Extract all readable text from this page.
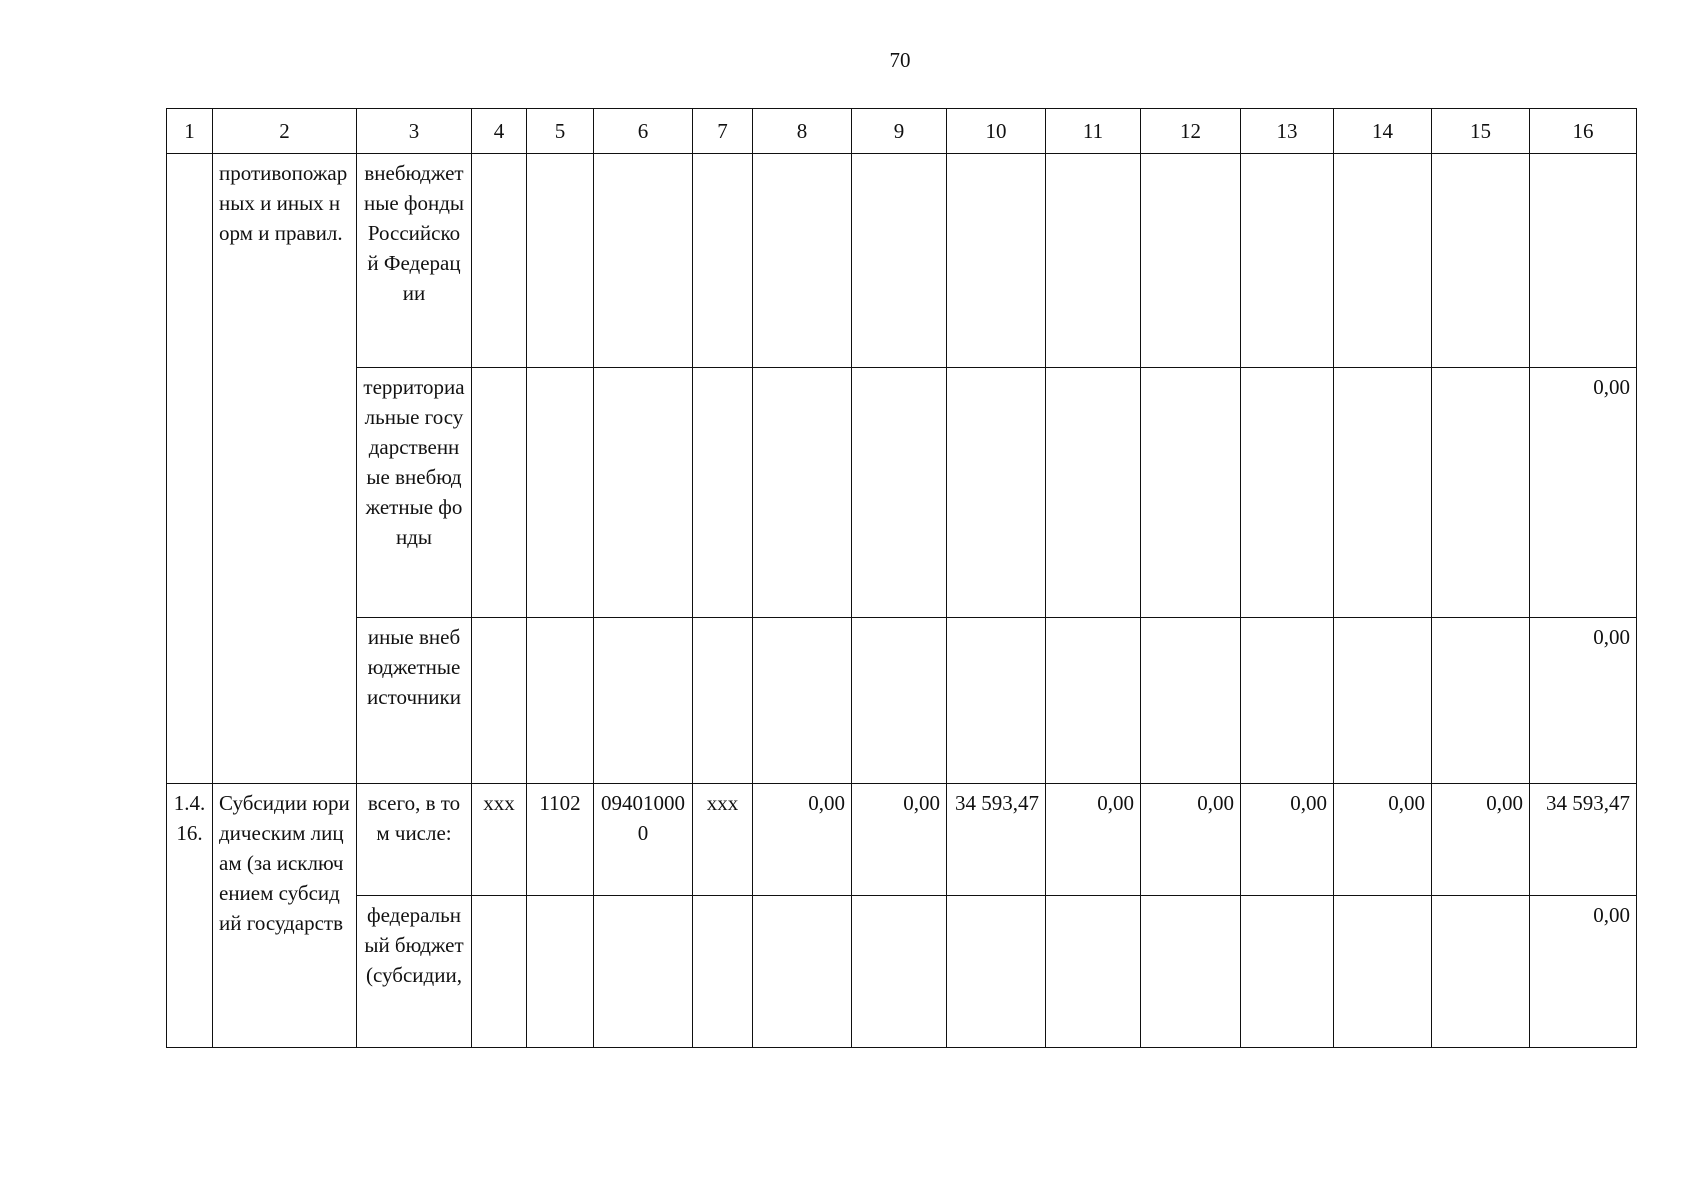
70
1	2	3	4	5	6	7	8	9	10	11	12	13	14	15	16
	противопожарных и иных норм и правил.	внебюджетные фонды Российской Федерации													
		территориальные государственные внебюджетные фонды													0,00
		иные внебюджетные источники													0,00
1.4.16.	Субсидии юридическим лицам (за исключением субсидий государств	всего, в том числе:	ххх	1102	094010000	ххх	0,00	0,00	34 593,47	0,00	0,00	0,00	0,00	0,00	34 593,47
		федеральный бюджет (субсидии,													0,00
